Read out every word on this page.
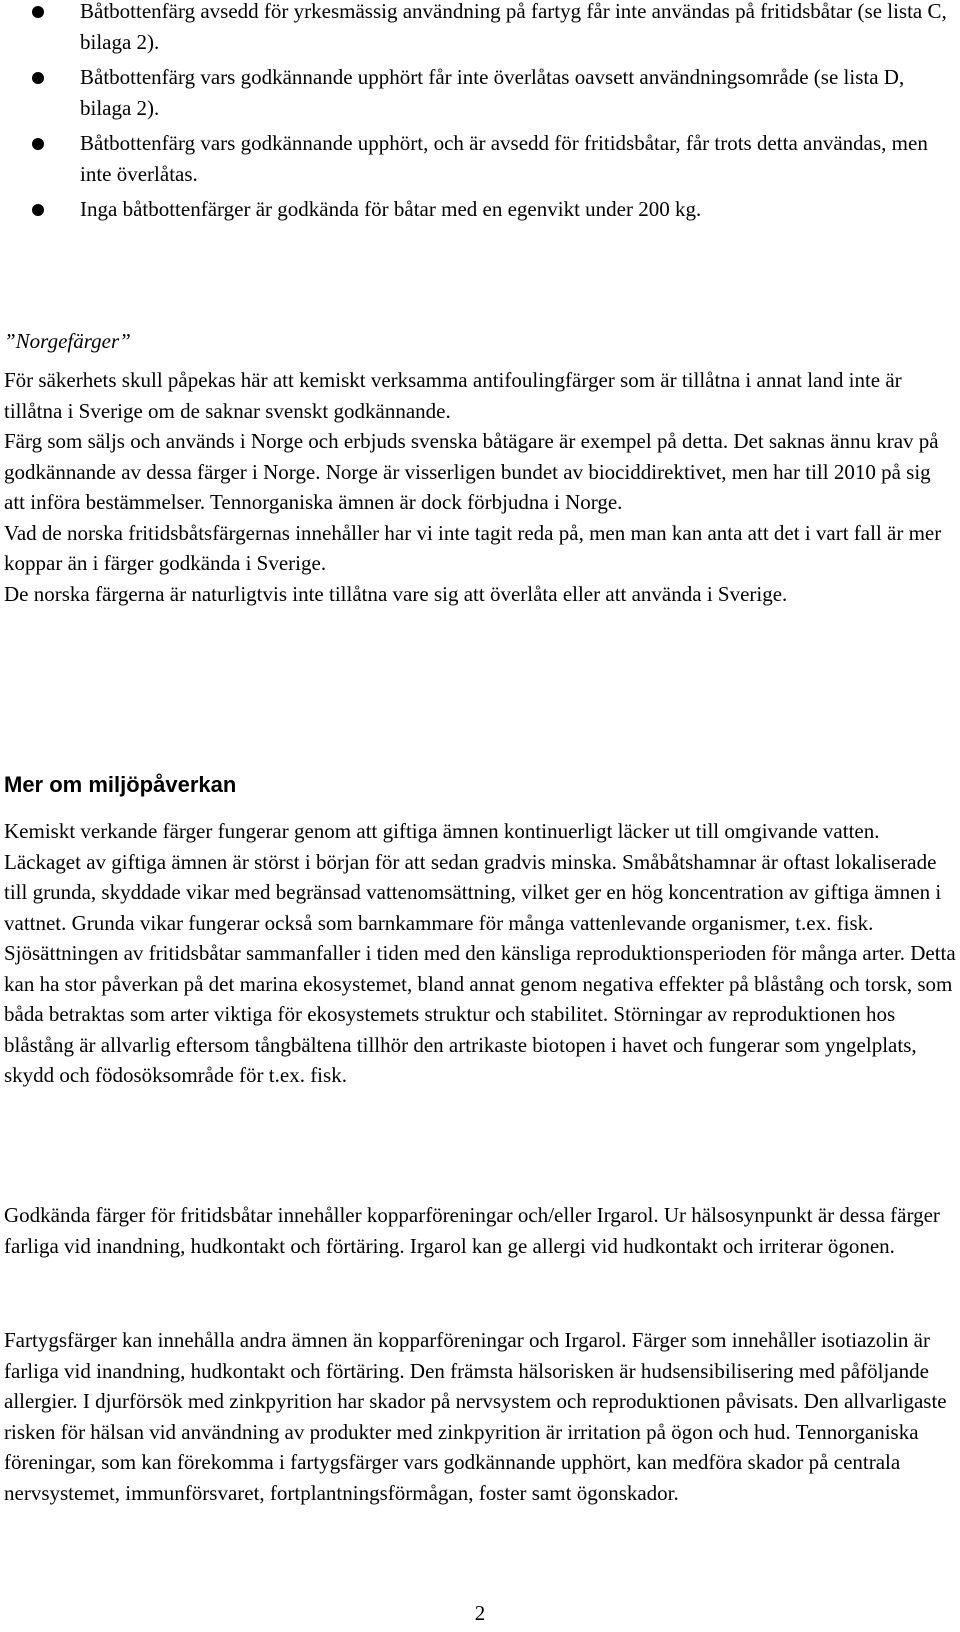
Båtbottenfärg avsedd för yrkesmässig användning på fartyg får inte användas på fritidsbåtar (se lista C, bilaga 2).
Båtbottenfärg vars godkännande upphört får inte överlåtas oavsett användningsområde (se lista D, bilaga 2).
Båtbottenfärg vars godkännande upphört, och är avsedd för fritidsbåtar, får trots detta användas, men inte överlåtas.
Inga båtbottenfärger är godkända för båtar med en egenvikt under 200 kg.

”Norgefärger”

För säkerhets skull påpekas här att kemiskt verksamma antifoulingfärger som är tillåtna i annat land inte är tillåtna i Sverige om de saknar svenskt godkännande.
Färg som säljs och används i Norge och erbjuds svenska båtägare är exempel på detta. Det saknas ännu krav på godkännande av dessa färger i Norge. Norge är visserligen bundet av biociddirektivet, men har till 2010 på sig att införa bestämmelser. Tennorganiska ämnen är dock förbjudna i Norge.
Vad de norska fritidsbåtsfärgernas innehåller har vi inte tagit reda på, men man kan anta att det i vart fall är mer koppar än i färger godkända i Sverige.
De norska färgerna är naturligtvis inte tillåtna vare sig att överlåta eller att använda i Sverige.
Mer om miljöpåverkan

Kemiskt verkande färger fungerar genom att giftiga ämnen kontinuerligt läcker ut till omgivande vatten. Läckaget av giftiga ämnen är störst i början för att sedan gradvis minska. Småbåtshamnar är oftast lokaliserade till grunda, skyddade vikar med begränsad vattenomsättning, vilket ger en hög koncentration av giftiga ämnen i vattnet. Grunda vikar fungerar också som barnkammare för många vattenlevande organismer, t.ex. fisk. Sjösättningen av fritidsbåtar sammanfaller i tiden med den känsliga reproduktionsperioden för många arter. Detta kan ha stor påverkan på det marina ekosystemet, bland annat genom negativa effekter på blåstång och torsk, som båda betraktas som arter viktiga för ekosystemets struktur och stabilitet. Störningar av reproduktionen hos blåstång är allvarlig eftersom tångbältena tillhör den artrikaste biotopen i havet och fungerar som yngelplats, skydd och födosöksområde för t.ex. fisk.

Godkända färger för fritidsbåtar innehåller kopparföreningar och/eller Irgarol. Ur hälsosynpunkt är dessa färger farliga vid inandning, hudkontakt och förtäring. Irgarol kan ge allergi vid hudkontakt och irriterar ögonen.

Fartygsfärger kan innehålla andra ämnen än kopparföreningar och Irgarol. Färger som innehåller isotiazolin är farliga vid inandning, hudkontakt och förtäring. Den främsta hälsorisken är hudsensibilisering med påföljande allergier. I djurförsök med zinkpyrition har skador på nervsystem och reproduktionen påvisats. Den allvarligaste risken för hälsan vid användning av produkter med zinkpyrition är irritation på ögon och hud. Tennorganiska föreningar, som kan förekomma i fartygsfärger vars godkännande upphört, kan medföra skador på centrala nervsystemet, immunförsvaret, fortplantningsförmågan, foster samt ögonskador.

2
